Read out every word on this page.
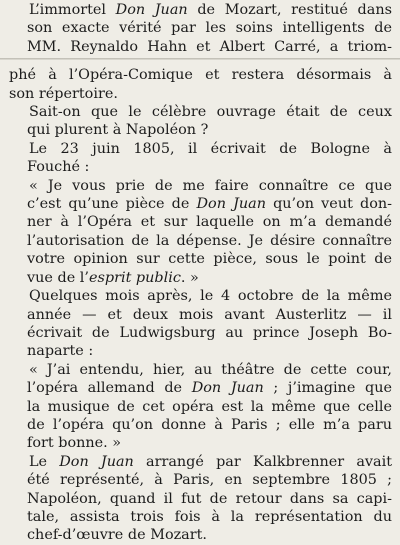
L’immortel Don Juan de Mozart, restitué dans
son exacte vérité par les soins intelligents de
MM. Reynaldo Hahn et Albert Carré, a triom-

phé à l’Opéra-Comique et restera désormais à
son répertoire.

Sait-on que le célèbre ouvrage était de ceux
qui plurent à Napoléon ?

Le 23 juin 1805, il écrivait de Bologne à
Fouché :

« Je vous prie de me faire connaître ce que
c’est qu’une pièce de Don Juan qu’on veut don-
ner à l’Opéra et sur laquelle on m’a demandé
l’autorisation de la dépense. Je désire connaître
votre opinion sur cette pièce, sous le point de
vue de l’esprit public. »

Quelques mois après, le 4 octobre de la même
année — et deux mois avant Austerlitz — il
écrivait de Ludwigsburg au prince Joseph Bo-
naparte :

« J’ai entendu, hier, au théâtre de cette cour,
l’opéra allemand de Don Juan ; j’imagine que
la musique de cet opéra est la même que celle
de l’opéra qu’on donne à Paris ; elle m’a paru
fort bonne. »

Le Don Juan arrangé par Kalkbrenner avait
été représenté, à Paris, en septembre 1805 ;
Napoléon, quand il fut de retour dans sa capi-
tale, assista trois fois à la représentation du
chef-d’œuvre de Mozart.
